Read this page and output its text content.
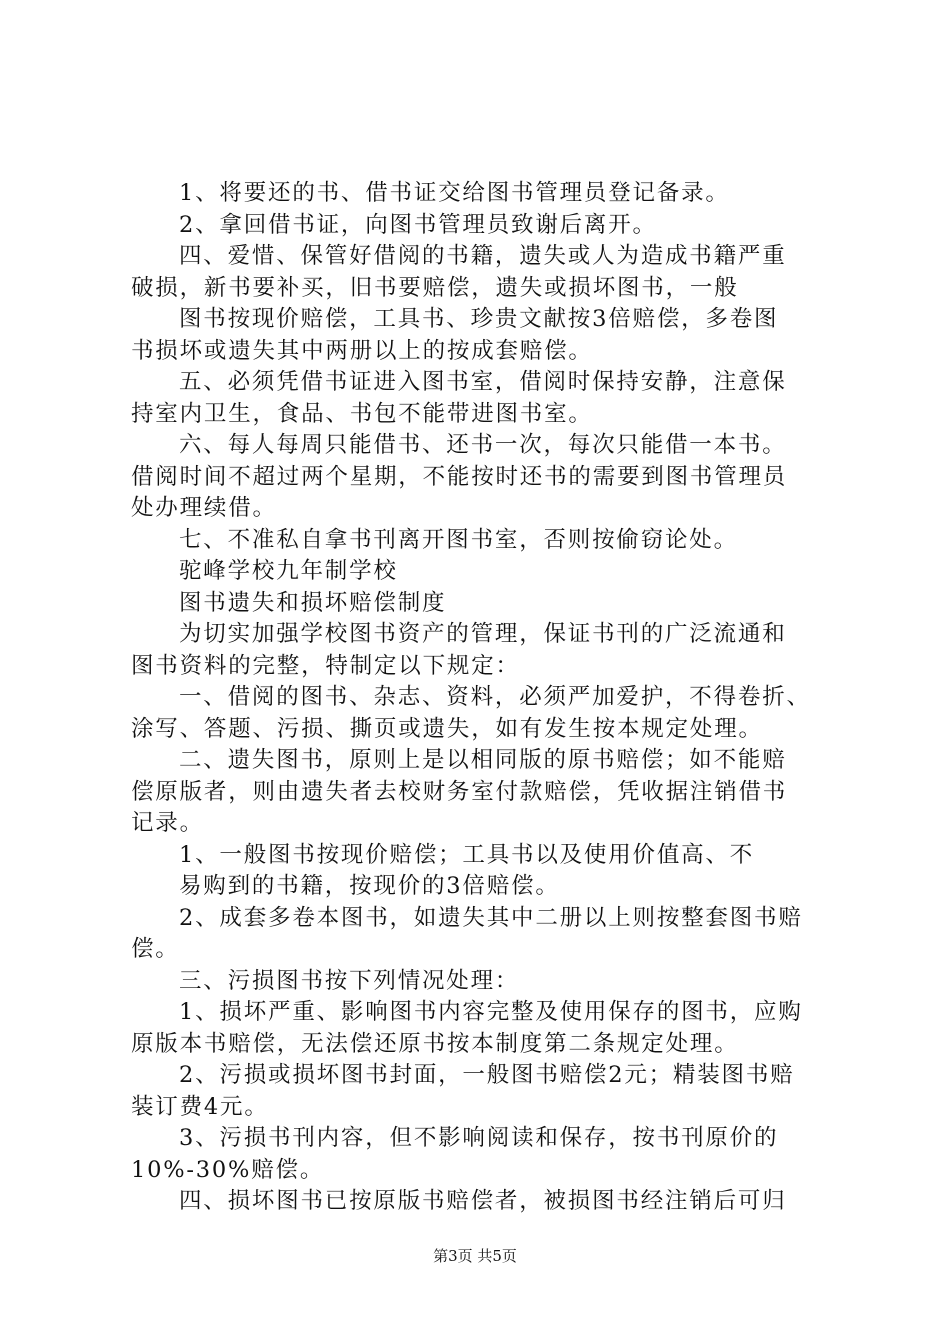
1、将要还的书、借书证交给图书管理员登记备录。
2、拿回借书证，向图书管理员致谢后离开。
四、爱惜、保管好借阅的书籍，遗失或人为造成书籍严重
破损，新书要补买，旧书要赔偿，遗失或损坏图书，一般
图书按现价赔偿，工具书、珍贵文献按3倍赔偿，多卷图
书损坏或遗失其中两册以上的按成套赔偿。
五、必须凭借书证进入图书室，借阅时保持安静，注意保
持室内卫生，食品、书包不能带进图书室。
六、每人每周只能借书、还书一次，每次只能借一本书。
借阅时间不超过两个星期，不能按时还书的需要到图书管理员
处办理续借。
七、不准私自拿书刊离开图书室，否则按偷窃论处。
驼峰学校九年制学校
图书遗失和损坏赔偿制度
为切实加强学校图书资产的管理，保证书刊的广泛流通和
图书资料的完整，特制定以下规定：
一、借阅的图书、杂志、资料，必须严加爱护，不得卷折、
涂写、答题、污损、撕页或遗失，如有发生按本规定处理。
二、遗失图书，原则上是以相同版的原书赔偿；如不能赔
偿原版者，则由遗失者去校财务室付款赔偿，凭收据注销借书
记录。
1、一般图书按现价赔偿；工具书以及使用价值高、不
易购到的书籍，按现价的3倍赔偿。
2、成套多卷本图书，如遗失其中二册以上则按整套图书赔
偿。
三、污损图书按下列情况处理：
1、损坏严重、影响图书内容完整及使用保存的图书，应购
原版本书赔偿，无法偿还原书按本制度第二条规定处理。
2、污损或损坏图书封面，一般图书赔偿2元；精装图书赔
装订费4元。
3、污损书刊内容，但不影响阅读和保存，按书刊原价的
10%-30%赔偿。
四、损坏图书已按原版书赔偿者，被损图书经注销后可归
第3页 共5页
